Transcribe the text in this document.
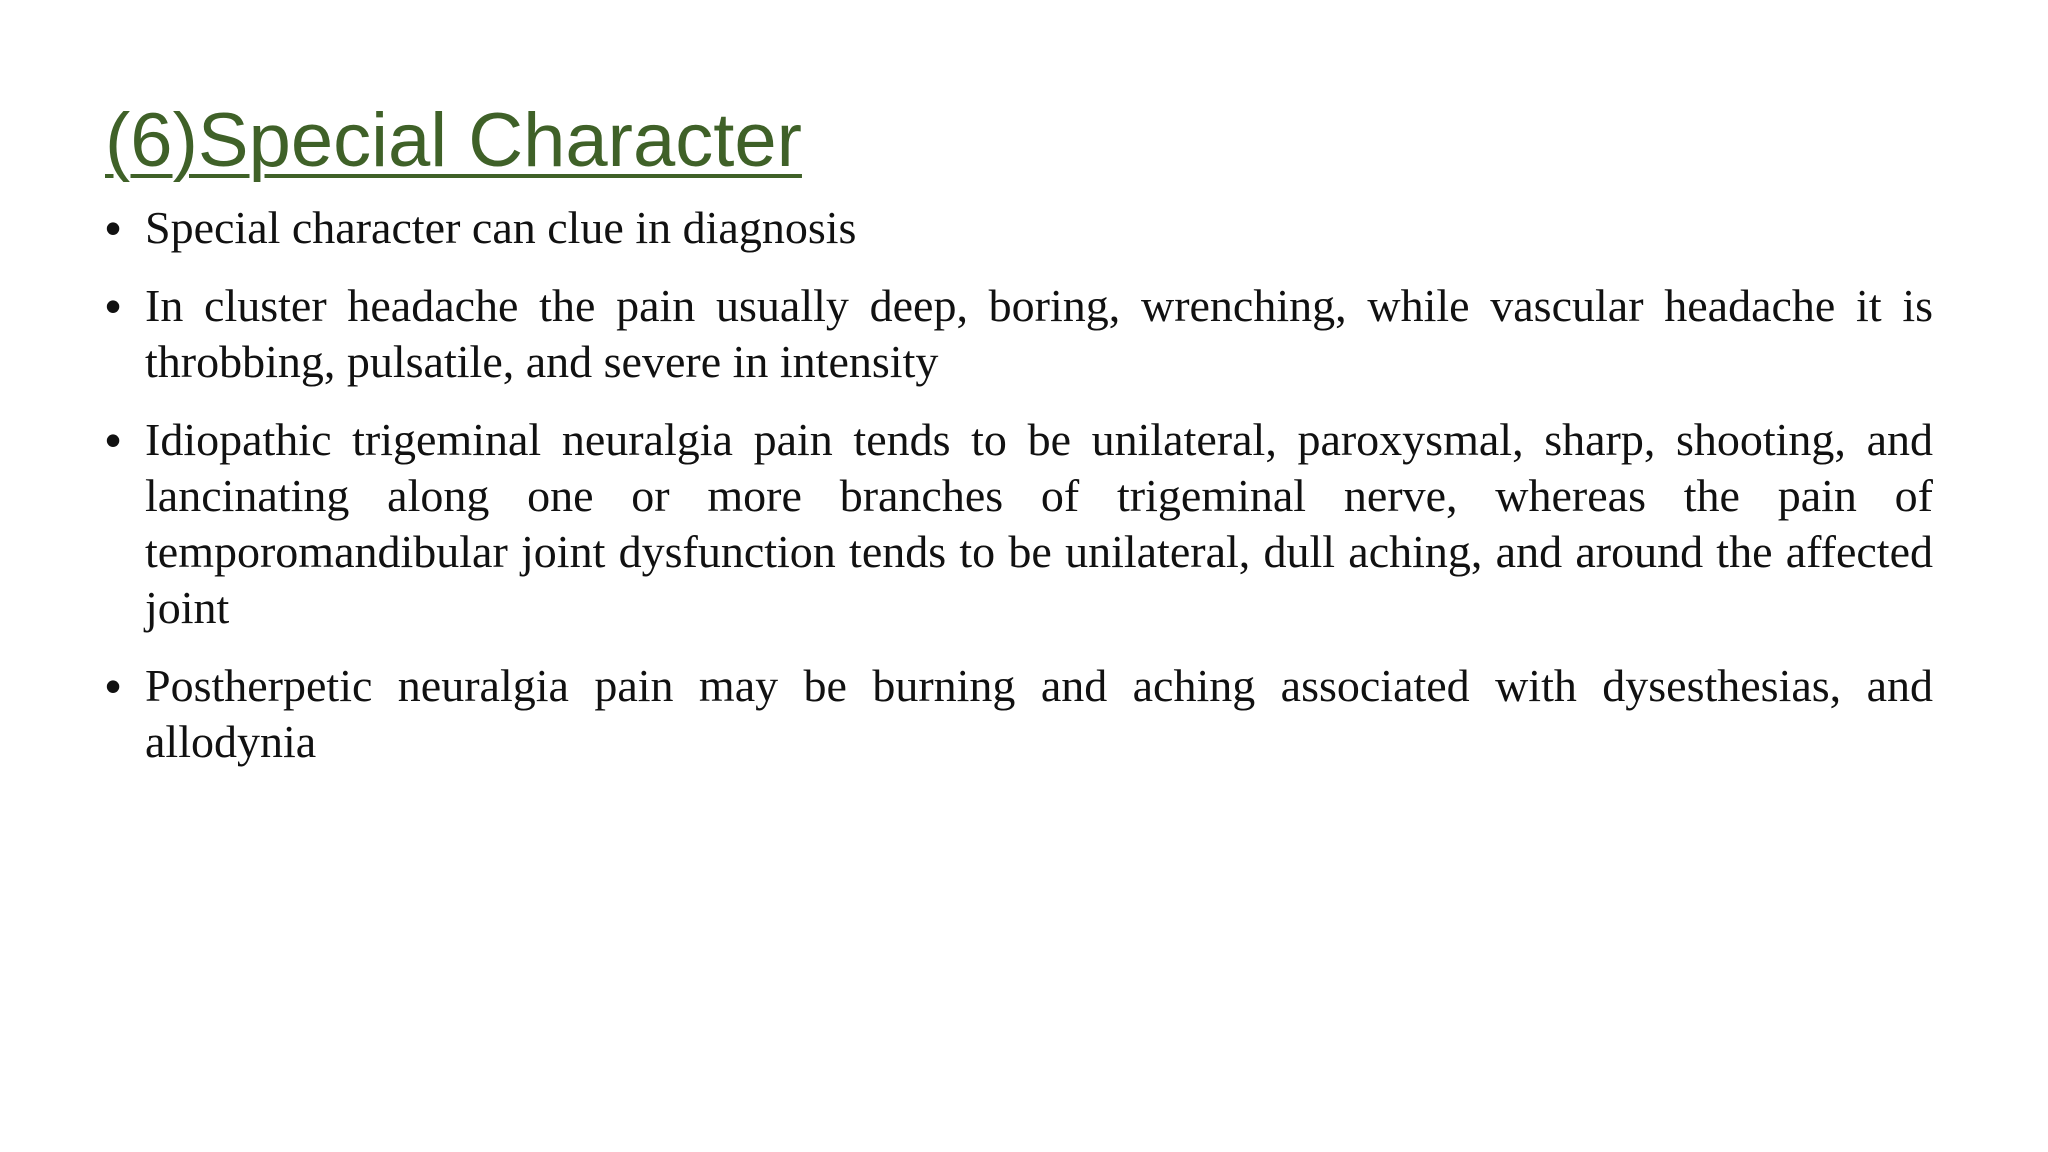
(6)Special Character
• Special character can clue in diagnosis
• In cluster headache the pain usually deep, boring, wrenching, while vascular headache it is throbbing, pulsatile, and severe in intensity
• Idiopathic trigeminal neuralgia pain tends to be unilateral, paroxysmal, sharp, shooting, and lancinating along one or more branches of trigeminal nerve, whereas the pain of temporomandibular joint dysfunction tends to be unilateral, dull aching, and around the affected joint
• Postherpetic neuralgia pain may be burning and aching associated with dysesthesias, and allodynia
